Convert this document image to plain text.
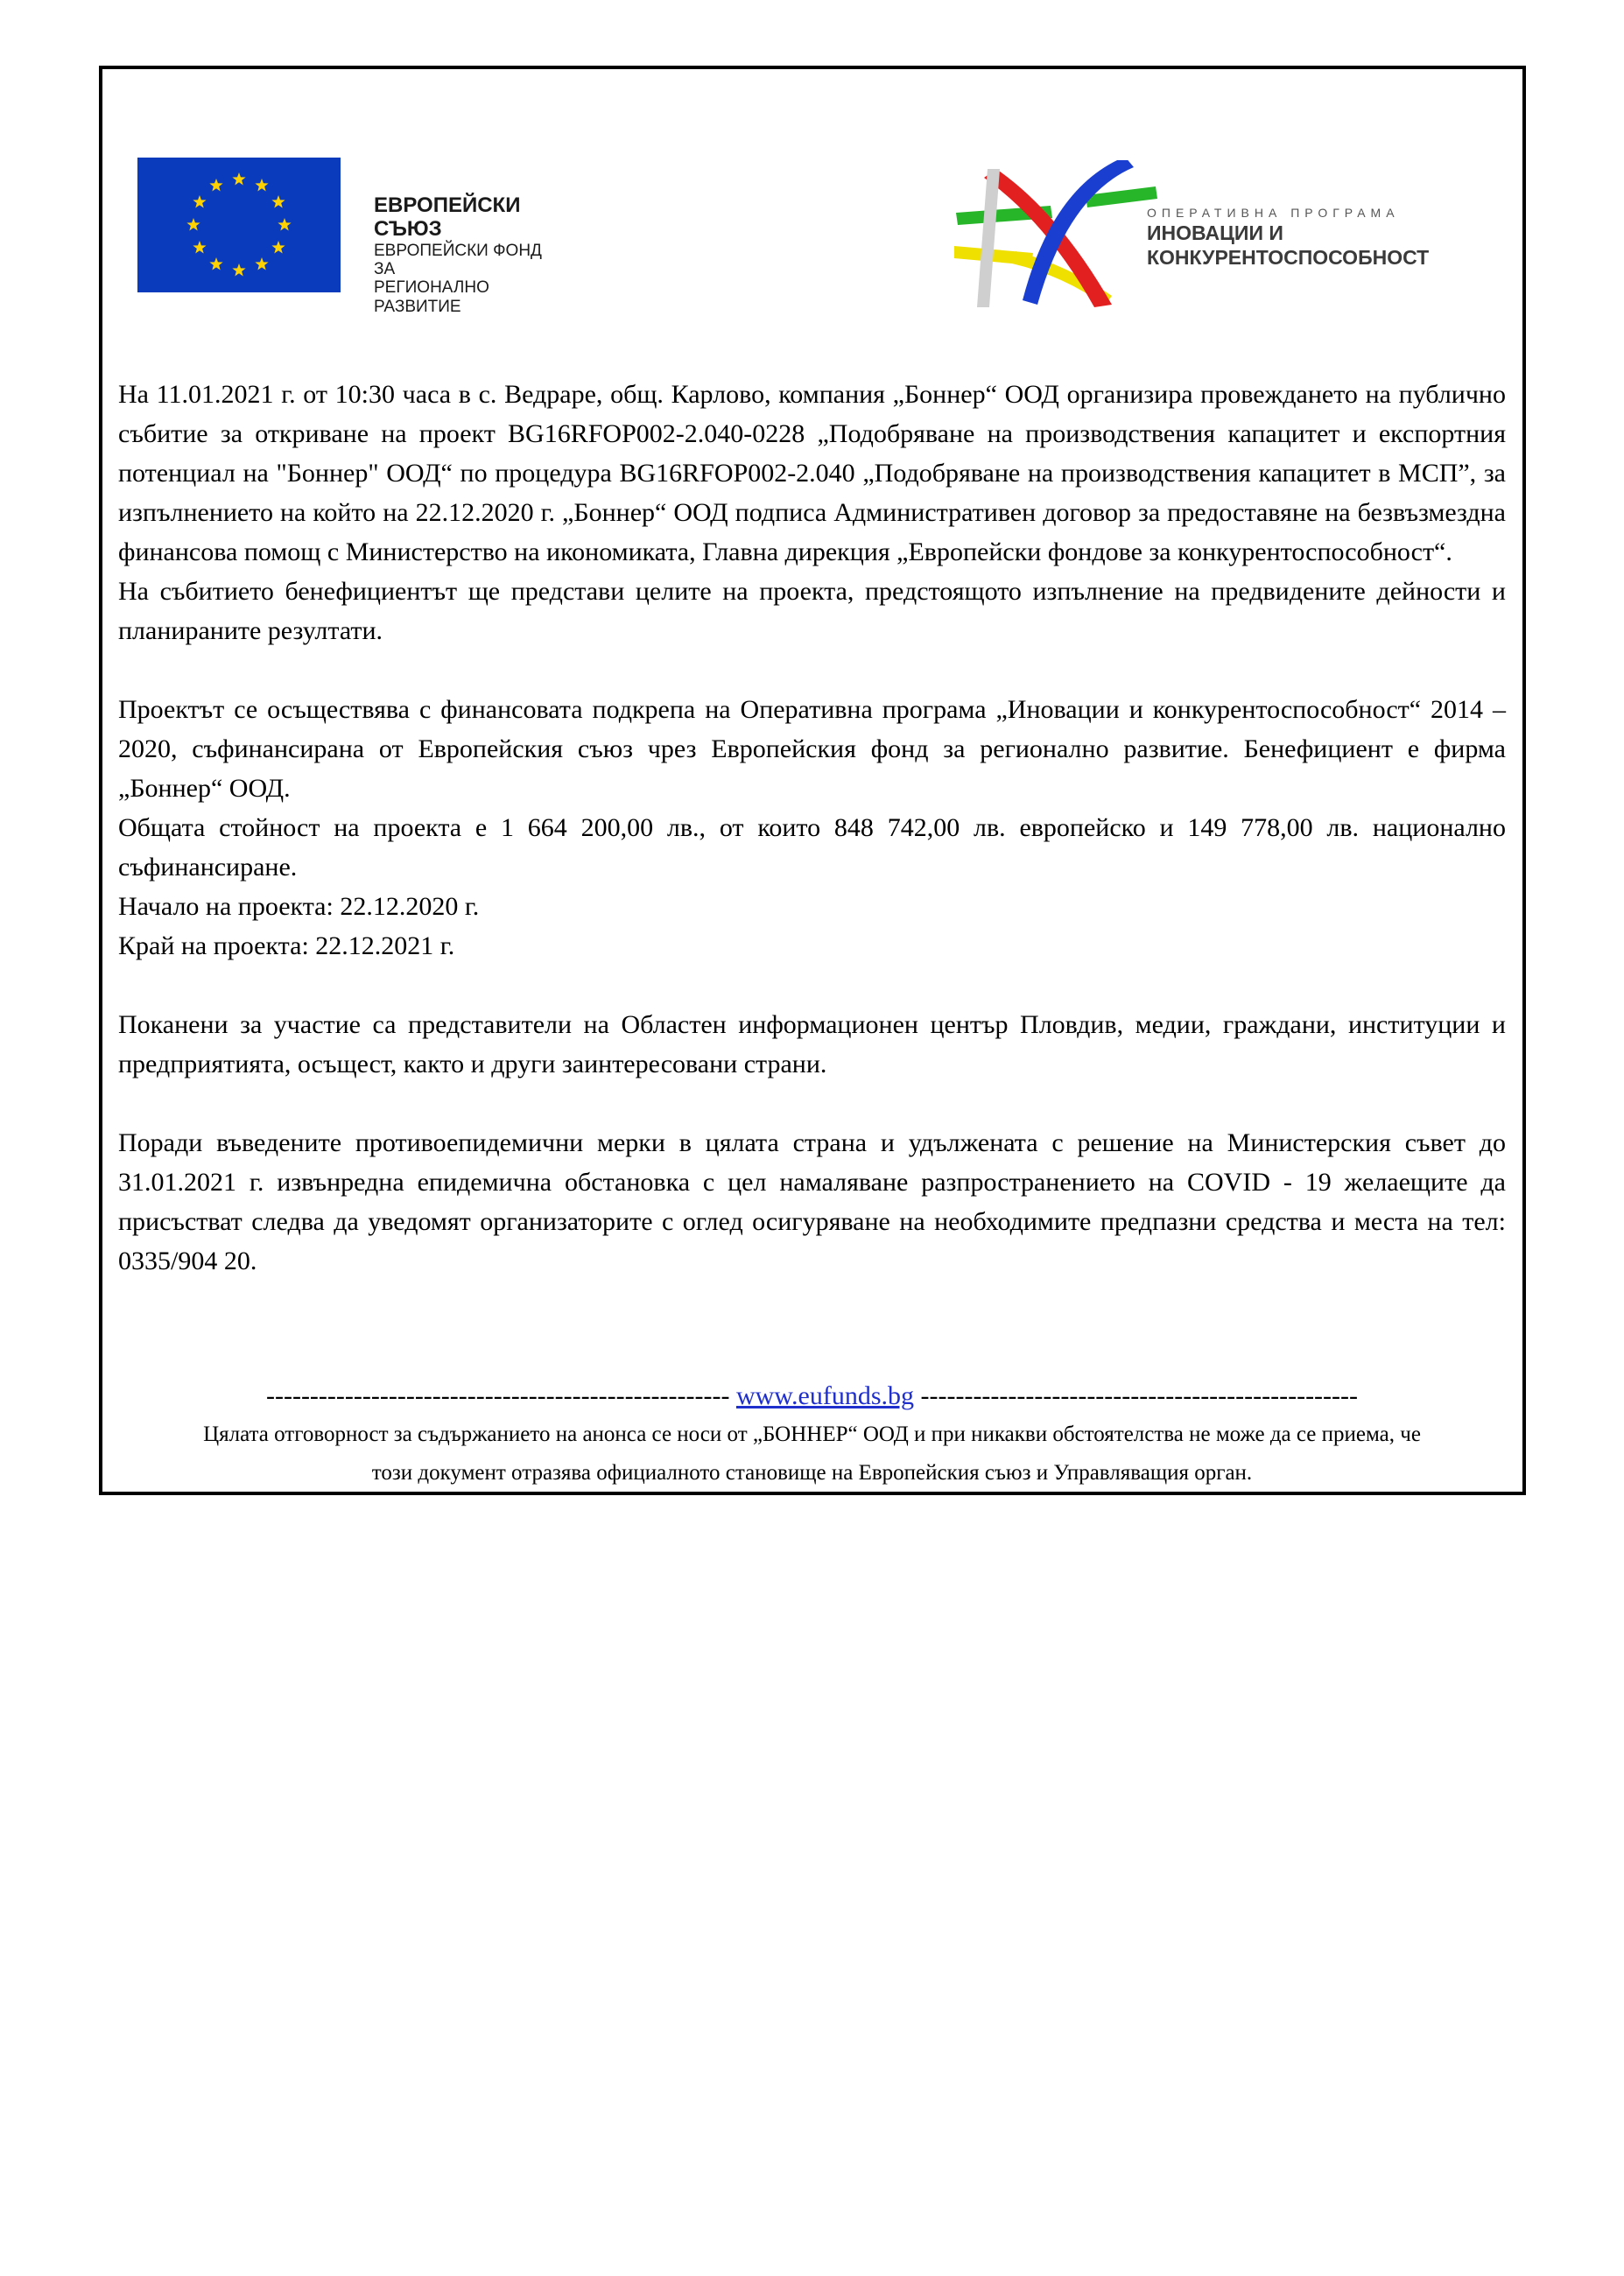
ЕВРОПЕЙСКИ СЪЮЗ
ЕВРОПЕЙСКИ ФОНД ЗА
РЕГИОНАЛНО РАЗВИТИЕ
ОПЕРАТИВНА ПРОГРАМА
ИНОВАЦИИ И
КОНКУРЕНТОСПОСОБНОСТ

На 11.01.2021 г. от 10:30 часа в с. Ведраре, общ. Карлово, компания „Боннер“ ООД организира провеждането на публично събитие за откриване на проект BG16RFOP002-2.040-0228 „Подобряване на производствения капацитет и експортния потенциал на "Боннер" ООД“ по процедура BG16RFOP002-2.040 „Подобряване на производствения капацитет в МСП”, за изпълнението на който на 22.12.2020 г. „Боннер“ ООД подписа Административен договор за предоставяне на безвъзмездна финансова помощ с Министерство на икономиката, Главна дирекция „Европейски фондове за конкурентоспособност“.

На събитието бенефициентът ще представи целите на проекта, предстоящото изпълнение на предвидените дейности и планираните резултати.

Проектът се осъществява с финансовата подкрепа на Оперативна програма „Иновации и конкурентоспособност“ 2014 – 2020, съфинансирана от Европейския съюз чрез Европейския фонд за регионално развитие. Бенефициент е фирма „Боннер“ ООД.

Общата стойност на проекта е 1 664 200,00 лв., от които 848 742,00 лв. европейско и 149 778,00 лв. национално съфинансиране.

Начало на проекта: 22.12.2020 г.

Край на проекта: 22.12.2021 г.

Поканени за участие са представители на Областен информационен център Пловдив, медии, граждани, институции и предприятията, осъщест, както и други заинтересовани страни.

Поради въведените противоепидемични мерки в цялата страна и удължената с решение на Министерския съвет до 31.01.2021 г. извънредна епидемична обстановка с цел намаляване разпространението на COVID - 19 желаещите да присъстват следва да уведомят организаторите с оглед осигуряване на необходимите предпазни средства и места на тел: 0335/904 20.

----------------------------------------------------- www.eufunds.bg --------------------------------------------------
Цялата отговорност за съдържанието на анонса се носи от „БОННЕР“ ООД и при никакви обстоятелства не може да се приема, че
този документ отразява официалното становище на Европейския съюз и Управляващия орган.
